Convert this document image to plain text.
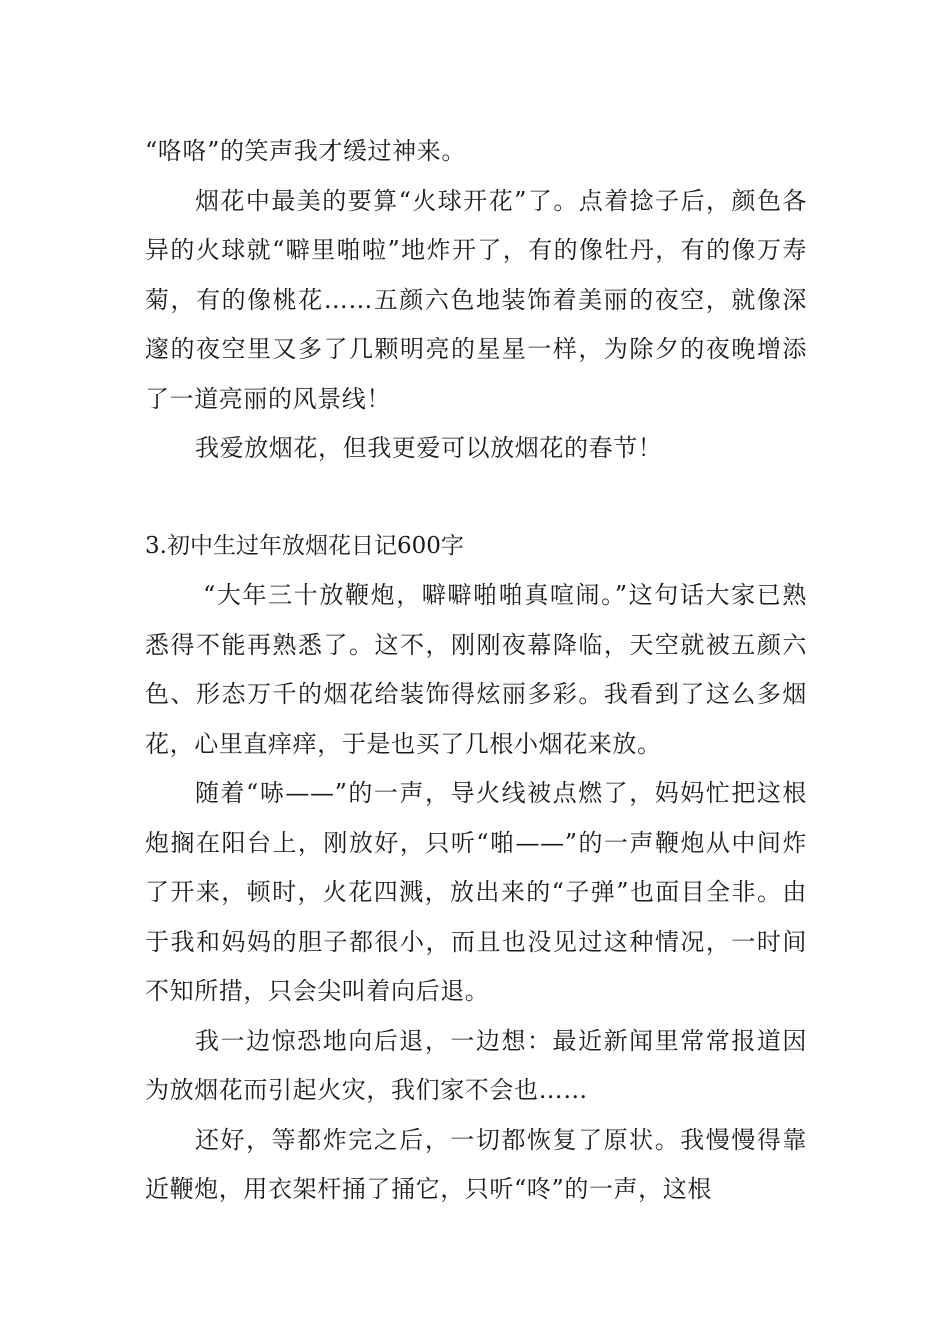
“咯咯”的笑声我才缓过神来。

烟花中最美的要算“火球开花”了。点着捻子后，颜色各异的火球就“噼里啪啦”地炸开了，有的像牡丹，有的像万寿菊，有的像桃花……五颜六色地装饰着美丽的夜空，就像深邃的夜空里又多了几颗明亮的星星一样，为除夕的夜晚增添了一道亮丽的风景线！

我爱放烟花，但我更爱可以放烟花的春节！

3.初中生过年放烟花日记600字

“大年三十放鞭炮，噼噼啪啪真喧闹。”这句话大家已熟悉得不能再熟悉了。这不，刚刚夜幕降临，天空就被五颜六色、形态万千的烟花给装饰得炫丽多彩。我看到了这么多烟花，心里直痒痒，于是也买了几根小烟花来放。

随着“哧——”的一声，导火线被点燃了，妈妈忙把这根炮搁在阳台上，刚放好，只听“啪——”的一声鞭炮从中间炸了开来，顿时，火花四溅，放出来的“子弹”也面目全非。由于我和妈妈的胆子都很小，而且也没见过这种情况，一时间不知所措，只会尖叫着向后退。

我一边惊恐地向后退，一边想：最近新闻里常常报道因为放烟花而引起火灾，我们家不会也……

还好，等都炸完之后，一切都恢复了原状。我慢慢得靠近鞭炮，用衣架杆捅了捅它，只听“咚”的一声，这根
